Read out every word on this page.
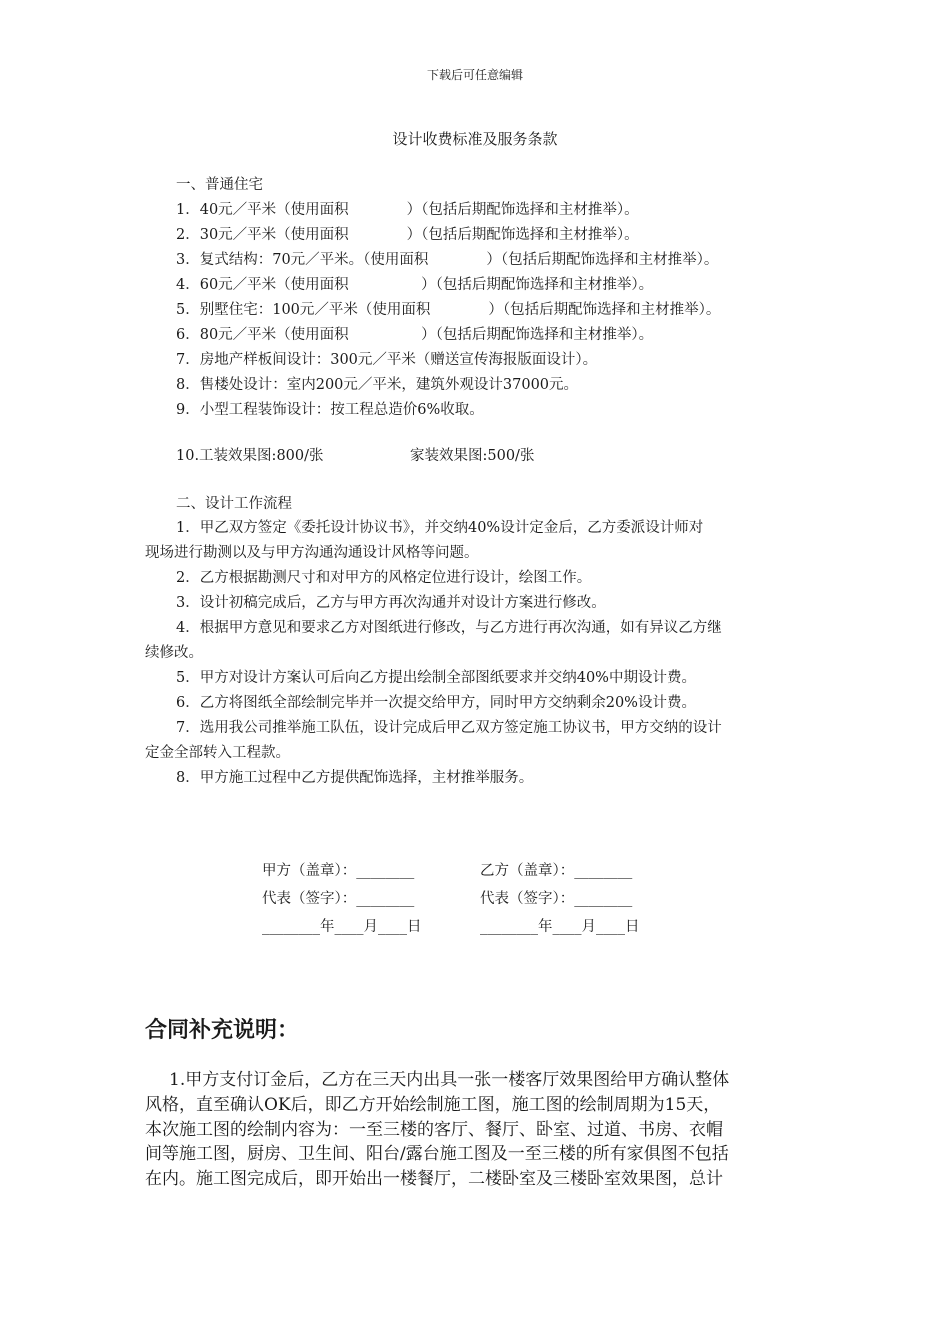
下载后可任意编辑
设计收费标准及服务条款
一、普通住宅
1．40元／平米（使用面积　　　　）（包括后期配饰选择和主材推举）。
2．30元／平米（使用面积　　　　）（包括后期配饰选择和主材推举）。
3．复式结构：70元／平米。（使用面积　　　　）（包括后期配饰选择和主材推举）。
4．60元／平米（使用面积　　　　　）（包括后期配饰选择和主材推举）。
5．别墅住宅：100元／平米（使用面积　　　　）（包括后期配饰选择和主材推举）。
6．80元／平米（使用面积　　　　　）（包括后期配饰选择和主材推举）。
7．房地产样板间设计：300元／平米（赠送宣传海报版面设计）。
8．售楼处设计：室内200元／平米，建筑外观设计37000元。
9．小型工程装饰设计：按工程总造价6%收取。
10.工装效果图:800/张	家装效果图:500/张
二、设计工作流程
1．甲乙双方签定《委托设计协议书》，并交纳40%设计定金后，乙方委派设计师对
现场进行勘测以及与甲方沟通沟通设计风格等问题。
2．乙方根据勘测尺寸和对甲方的风格定位进行设计，绘图工作。
3．设计初稿完成后，乙方与甲方再次沟通并对设计方案进行修改。
4．根据甲方意见和要求乙方对图纸进行修改，与乙方进行再次沟通，如有异议乙方继
续修改。
5．甲方对设计方案认可后向乙方提出绘制全部图纸要求并交纳40%中期设计费。
6．乙方将图纸全部绘制完毕并一次提交给甲方，同时甲方交纳剩余20%设计费。
7．选用我公司推举施工队伍，设计完成后甲乙双方签定施工协议书，甲方交纳的设计
定金全部转入工程款。
8．甲方施工过程中乙方提供配饰选择，主材推举服务。
甲方（盖章）：________	乙方（盖章）：________
代表（签字）：________	代表（签字）：________
________年____月____日	________年____月____日
合同补充说明：
1.甲方支付订金后，乙方在三天内出具一张一楼客厅效果图给甲方确认整体
风格，直至确认OK后，即乙方开始绘制施工图，施工图的绘制周期为15天，
本次施工图的绘制内容为：一至三楼的客厅、餐厅、卧室、过道、书房、衣帽
间等施工图，厨房、卫生间、阳台/露台施工图及一至三楼的所有家俱图不包括
在内。施工图完成后，即开始出一楼餐厅，二楼卧室及三楼卧室效果图，总计
